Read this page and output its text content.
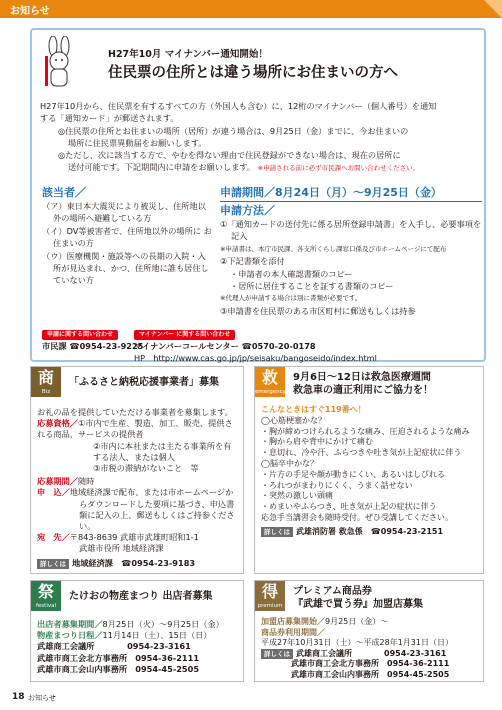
お知らせ
H27年10月 マイナンバー通知開始！
住民票の住所とは違う場所にお住まいの方へ
H27年10月から、住民票を有するすべての方（外国人も含む）に、12桁のマイナンバー（個人番号）を通知
する「通知カード」が郵送されます。
◎住民票の住所とお住まいの場所（居所）が違う場合は、9月25日（金）までに、今お住まいの
場所に住民票異動届をお願いします。
◎ただし、次に該当する方で、やむを得ない理由で住民登録ができない場合は、現在の居所に
送付可能です。下記期間内に申請をお願いします。 ※申請される前に必ず市民課へお問い合わせください。
該当者／
（ア）東日本大震災により被災し、住所地以外の場所へ避難している方
（イ）DV等被害者で、住所地以外の場所に お住まいの方
（ウ）医療機関・施設等への長期の入院・入所が見込まれ、かつ、住所地に誰も居住していない方
申請期間／8月24日（月）～9月25日（金）
申請方法／
①「通知カードの送付先に係る居所登録申請書」を入手し、必要事項を記入
※申請書は、本庁市民課、各支所くらし課窓口係及び市ホームページにて配布
②下記書類を添付
・申請者の本人確認書類のコピー
・居所に居住することを証する書類のコピー
※代理人が申請する場合は別に書類が必要です。
③申請書を住民票のある市区町村に郵送もしくは持参
申請に関する問い合わせ
市民課 ☎0954-23-9225
マイナンバー に関する問い合わせ
マイナンバーコールセンター ☎0570-20-0178
HP　http://www.cas.go.jp/jp/seisaku/bangoseido/index.html
商
Biz
「ふるさと納税応援事業者」募集
お礼の品を提供していただける事業者を募集します。
応募資格／①市内で生産、製造、加工、販売、提供される商品、サービスの提供者
②市内に本社または主たる事業所を有する法人、または個人
③市税の滞納がないこと　等
応募期間／随時
申　込／地域経済課で配布、または市ホームページからダウンロードした要項に基づき、申込書類に記入の上、郵送もしくはご持参ください。
宛　先／〒843-8639 武雄市武雄町昭和1-1
武雄市役所 地域経済課
詳しくは 地域経済課　☎0954-23-9183
救
emergency
9月6日～12日は救急医療週間
救急車の適正利用にご協力を！
こんなときはすぐ119番へ！
◯心筋梗塞かな？
・胸が締めつけられるような痛み、圧迫されるような痛み
・胸から肩や背中にかけて痛む
・息切れ、冷や汗、ふらつきや吐き気が上記症状に伴う
◯脳卒中かな？
・片方の手足や顔が動きにくい、あるいはしびれる
・ろれつがまわりにくく、うまく話せない
・突然の激しい頭痛
・めまいやふらつき、吐き気が上記の症状に伴う
応急手当講習会も随時受付。ぜひ受講してください。
詳しくは 武雄消防署 救急係　☎0954-23-2151
祭
festival
たけおの物産まつり 出店者募集
出店者募集期間／8月25日（火）～9月25日（金）
物産まつり日程／11月14日（土）、15日（日）
武雄商工会議所　　　　0954-23-3161
武雄市商工会北方事務所　0954-36-2111
武雄市商工会山内事務所　0954-45-2505
得
premium
プレミアム商品券
『武雄で買う券』加盟店募集
加盟店募集開始／9月25日（金）～
商品券利用期間／
平成27年10月31日（土）～平成28年1月31日（日）
詳しくは 武雄商工会議所　　　　0954-23-3161
武雄市商工会北方事務所　0954-36-2111
武雄市商工会山内事務所　0954-45-2505
18 お知らせ
